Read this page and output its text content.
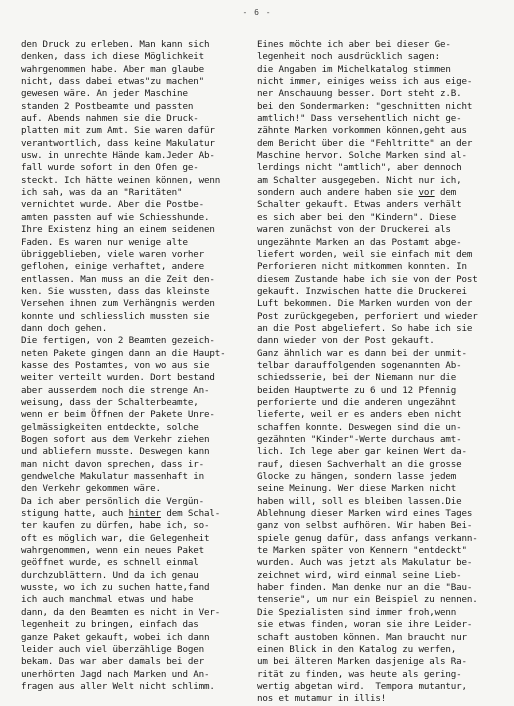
- 6 -
den Druck zu erleben. Man kann sich
denken, dass ich diese Möglichkeit
wahrgenommen habe. Aber man glaube
nicht, dass dabei etwas"zu machen"
gewesen wäre. An jeder Maschine
standen 2 Postbeamte und passten
auf. Abends nahmen sie die Druck-
platten mit zum Amt. Sie waren dafür
verantwortlich, dass keine Makulatur
usw. in unrechte Hände kam.Jeder Ab-
fall wurde sofort in den Ofen ge-
steckt. Ich hätte weinen können, wenn
ich sah, was da an "Raritäten"
vernichtet wurde. Aber die Postbe-
amten passten auf wie Schiesshunde.
Ihre Existenz hing an einem seidenen
Faden. Es waren nur wenige alte
übriggeblieben, viele waren vorher
geflohen, einige verhaftet, andere
entlassen. Man muss an die Zeit den-
ken. Sie wussten, dass das kleinste
Versehen ihnen zum Verhängnis werden
konnte und schliesslich mussten sie
dann doch gehen.
Die fertigen, von 2 Beamten gezeich-
neten Pakete gingen dann an die Haupt-
kasse des Postamtes, von wo aus sie
weiter verteilt wurden. Dort bestand
aber ausserdem noch die strenge An-
weisung, dass der Schalterbeamte,
wenn er beim Öffnen der Pakete Unre-
gelmässigkeiten entdeckte, solche
Bogen sofort aus dem Verkehr ziehen
und abliefern musste. Deswegen kann
man nicht davon sprechen, dass ir-
gendwelche Makulatur massenhaft in
den Verkehr gekommen wäre.
Da ich aber persönlich die Vergün-
stigung hatte, auch hinter dem Schal-
ter kaufen zu dürfen, habe ich, so-
oft es möglich war, die Gelegenheit
wahrgenommen, wenn ein neues Paket
geöffnet wurde, es schnell einmal
durchzublättern. Und da ich genau
wusste, wo ich zu suchen hatte,fand
ich auch manchmal etwas und habe
dann, da den Beamten es nicht in Ver-
legenheit zu bringen, einfach das
ganze Paket gekauft, wobei ich dann
leider auch viel überzählige Bogen
bekam. Das war aber damals bei der
unerhörten Jagd nach Marken und An-
fragen aus aller Welt nicht schlimm.
Eines möchte ich aber bei dieser Ge-
legenheit noch ausdrücklich sagen:
die Angaben im Michelkatalog stimmen
nicht immer, einiges weiss ich aus eige-
ner Anschauung besser. Dort steht z.B.
bei den Sondermarken: "geschnitten nicht
amtlich!" Dass versehentlich nicht ge-
zähnte Marken vorkommen können,geht aus
dem Bericht über die "Fehltritte" an der
Maschine hervor. Solche Marken sind al-
lerdings nicht "amtlich", aber dennoch
am Schalter ausgegeben. Nicht nur ich,
sondern auch andere haben sie vor dem
Schalter gekauft. Etwas anders verhält
es sich aber bei den "Kindern". Diese
waren zunächst von der Druckerei als
ungezähnte Marken an das Postamt abge-
liefert worden, weil sie einfach mit dem
Perforieren nicht mitkommen konnten. In
diesem Zustande habe ich sie von der Post
gekauft. Inzwischen hatte die Druckerei
Luft bekommen. Die Marken wurden von der
Post zurückgegeben, perforiert und wieder
an die Post abgeliefert. So habe ich sie
dann wieder von der Post gekauft.
Ganz ähnlich war es dann bei der unmit-
telbar darauffolgenden sogenannten Ab-
schiedsserie, bei der Niemann nur die
beiden Hauptwerte zu 6 und 12 Pfennig
perforierte und die anderen ungezähnt
lieferte, weil er es anders eben nicht
schaffen konnte. Deswegen sind die un-
gezähnten "Kinder"-Werte durchaus amt-
lich. Ich lege aber gar keinen Wert da-
rauf, diesen Sachverhalt an die grosse
Glocke zu hängen, sondern lasse jedem
seine Meinung. Wer diese Marken nicht
haben will, soll es bleiben lassen.Die
Ablehnung dieser Marken wird eines Tages
ganz von selbst aufhören. Wir haben Bei-
spiele genug dafür, dass anfangs verkann-
te Marken später von Kennern "entdeckt"
wurden. Auch was jetzt als Makulatur be-
zeichnet wird, wird einmal seine Lieb-
haber finden. Man denke nur an die "Bau-
tenserie", um nur ein Beispiel zu nennen.
Die Spezialisten sind immer froh,wenn
sie etwas finden, woran sie ihre Leider-
schaft austoben können. Man braucht nur
einen Blick in den Katalog zu werfen,
um bei älteren Marken dasjenige als Ra-
rität zu finden, was heute als gering-
wertig abgetan wird.  Tempora mutantur,
nos et mutamur in illis!
